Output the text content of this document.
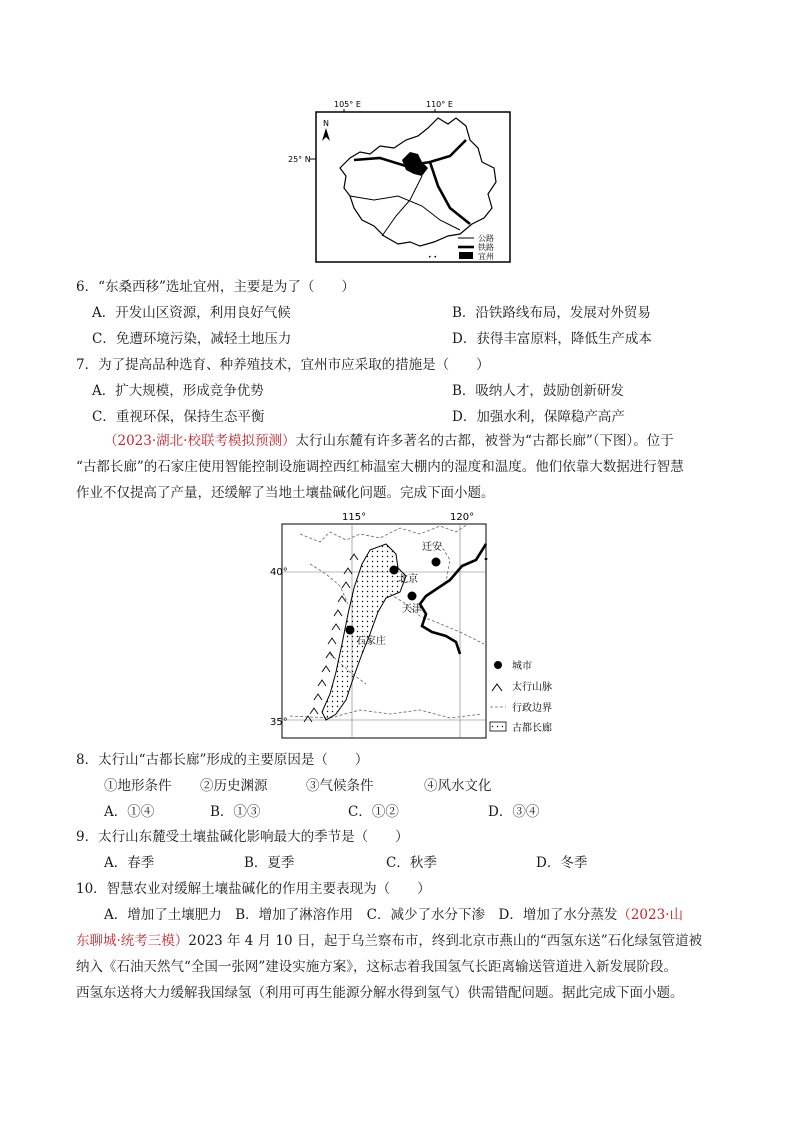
105° E	110° E
25° N
N
公路
铁路
宜州
• •
6．“东桑西移”选址宜州，主要是为了（　　）
A．开发山区资源，利用良好气候	B．沿铁路线布局，发展对外贸易
C．免遭环境污染，减轻土地压力	D．获得丰富原料，降低生产成本
7．为了提高品种选育、种养殖技术，宜州市应采取的措施是（　　）
A．扩大规模，形成竞争优势	B．吸纳人才，鼓励创新研发
C．重视环保，保持生态平衡	D．加强水利，保障稳产高产
（2023·湖北·校联考模拟预测）太行山东麓有许多著名的古都，被誉为“古都长廊”（下图）。位于
“古都长廊”的石家庄使用智能控制设施调控西红柿温室大棚内的湿度和温度。他们依靠大数据进行智慧
作业不仅提高了产量，还缓解了当地土壤盐碱化问题。完成下面小题。
115°	120°
40°
35°
迁安
北京
天津
石家庄
城市
太行山脉
行政边界
古都长廊
8．太行山“古都长廊”形成的主要原因是（　　）
①地形条件 ②历史渊源	③气候条件	④风水文化
A．①④	B．①③	C．①②	D．③④
9．太行山东麓受土壤盐碱化影响最大的季节是（　　）
A．春季	B．夏季	C．秋季	D．冬季
10．智慧农业对缓解土壤盐碱化的作用主要表现为（　　）
A．增加了土壤肥力　 B．增加了淋溶作用　 C．减少了水分下渗　 D．增加了水分蒸发（2023·山
东聊城·统考三模）2023 年 4 月 10 日，起于乌兰察布市，终到北京市燕山的“西氢东送”石化绿氢管道被
纳入《石油天然气“全国一张网”建设实施方案》，这标志着我国氢气长距离输送管道进入新发展阶段。
西氢东送将大力缓解我国绿氢（利用可再生能源分解水得到氢气）供需错配问题。据此完成下面小题。
